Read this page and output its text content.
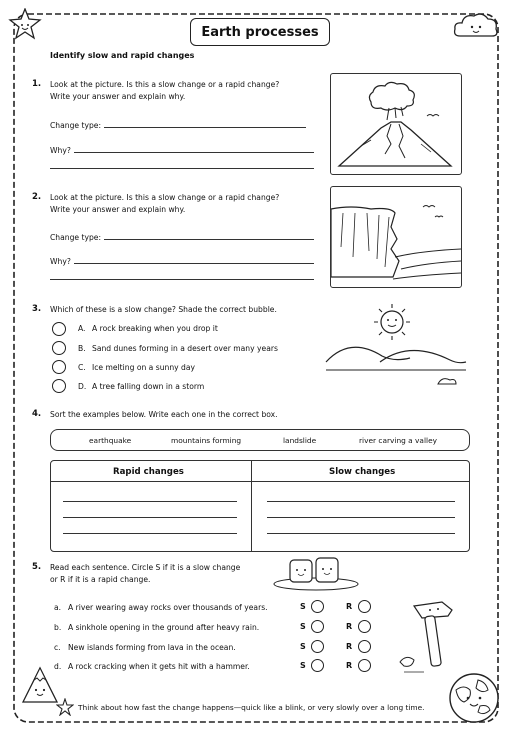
Earth processes
Identify slow and rapid changes
1. Look at the picture. Is this a slow change or a rapid change?
Write your answer and explain why.
Change type:
Why?
2. Look at the picture. Is this a slow change or a rapid change?
Write your answer and explain why.
Change type:
Why?
3. Which of these is a slow change? Shade the correct bubble.
A. A rock breaking when you drop it
B. Sand dunes forming in a desert over many years
C. Ice melting on a sunny day
D. A tree falling down in a storm
4. Sort the examples below. Write each one in the correct box.
earthquake	mountains forming	landslide	river carving a valley
Rapid changes	Slow changes
5. Read each sentence. Circle S if it is a slow change
or R if it is a rapid change.
a. A river wearing away rocks over thousands of years.	S	R
b. A sinkhole opening in the ground after heavy rain.	S	R
c. New islands forming from lava in the ocean.	S	R
d. A rock cracking when it gets hit with a hammer.	S	R
Think about how fast the change happens—quick like a blink, or very slowly over a long time.
